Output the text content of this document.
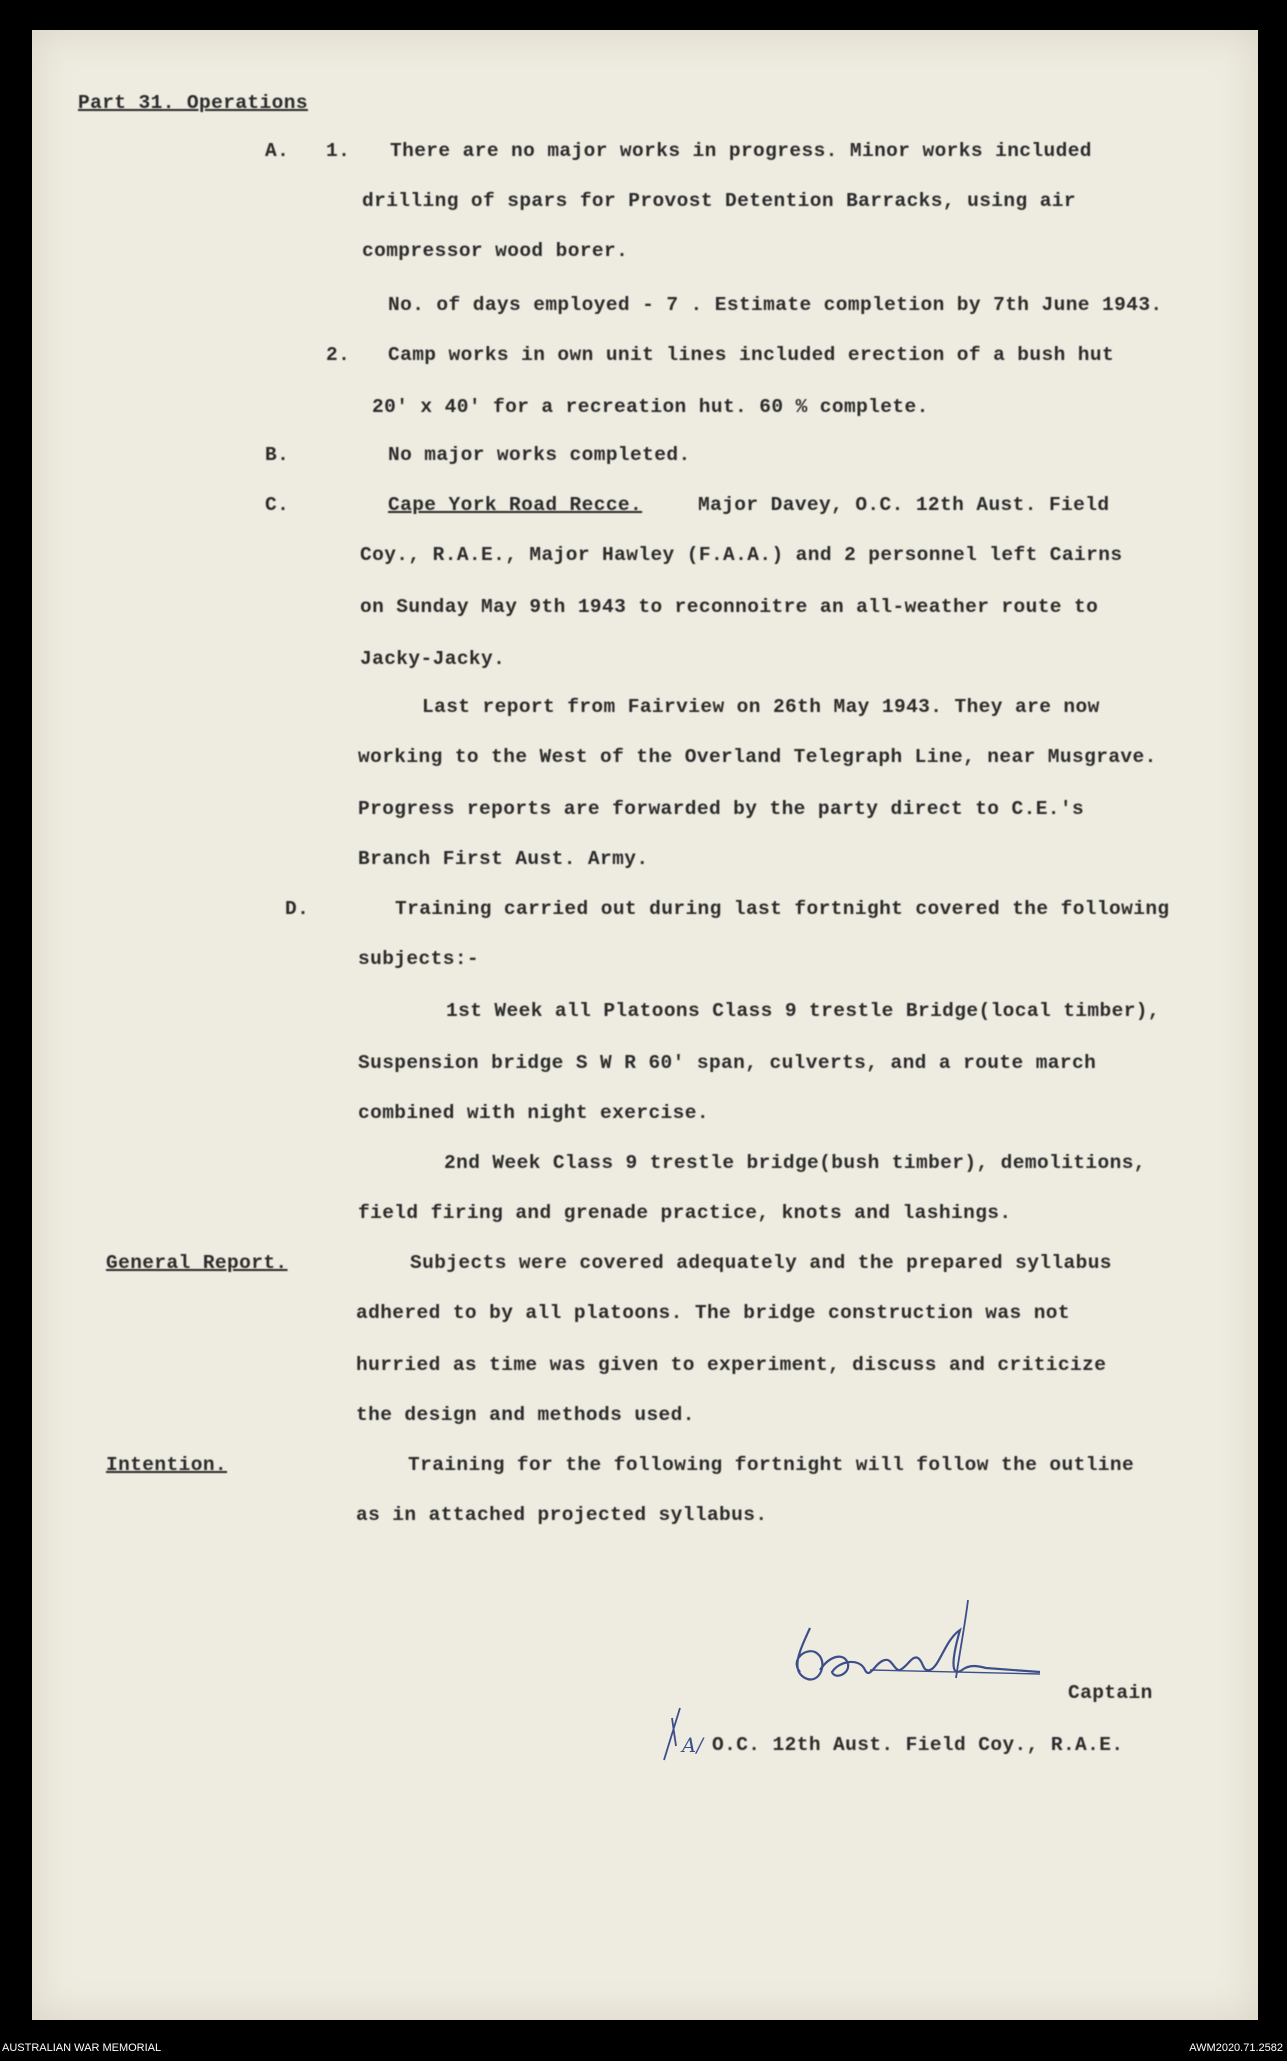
Part 31. Operations

A. 1. There are no major works in progress. Minor works included

drilling of spars for Provost Detention Barracks, using air

compressor wood borer.

No. of days employed - 7 . Estimate completion by 7th June 1943.

2. Camp works in own unit lines included erection of a bush hut

20' x 40' for a recreation hut. 60 % complete.

B.	No major works completed.

C.	Cape York Road Recce.	Major Davey, O.C. 12th Aust. Field

Coy., R.A.E., Major Hawley (F.A.A.) and 2 personnel left Cairns

on Sunday May 9th 1943 to reconnoitre an all-weather route to

Jacky-Jacky.

Last report from Fairview on 26th May 1943. They are now

working to the West of the Overland Telegraph Line, near Musgrave.

Progress reports are forwarded by the party direct to C.E.'s

Branch First Aust. Army.

D.	Training carried out during last fortnight covered the following

subjects:-

1st Week all Platoons Class 9 trestle Bridge(local timber),

Suspension bridge S W R 60' span, culverts, and a route march

combined with night exercise.

2nd Week Class 9 trestle bridge(bush timber), demolitions,

field firing and grenade practice, knots and lashings.

General Report.	Subjects were covered adequately and the prepared syllabus

adhered to by all platoons. The bridge construction was not

hurried as time was given to experiment, discuss and criticize

the design and methods used.

Intention.	Training for the following fortnight will follow the outline

as in attached projected syllabus.

Captain

A/ O.C. 12th Aust. Field Coy., R.A.E.

AUSTRALIAN WAR MEMORIAL	AWM2020.71.2582
